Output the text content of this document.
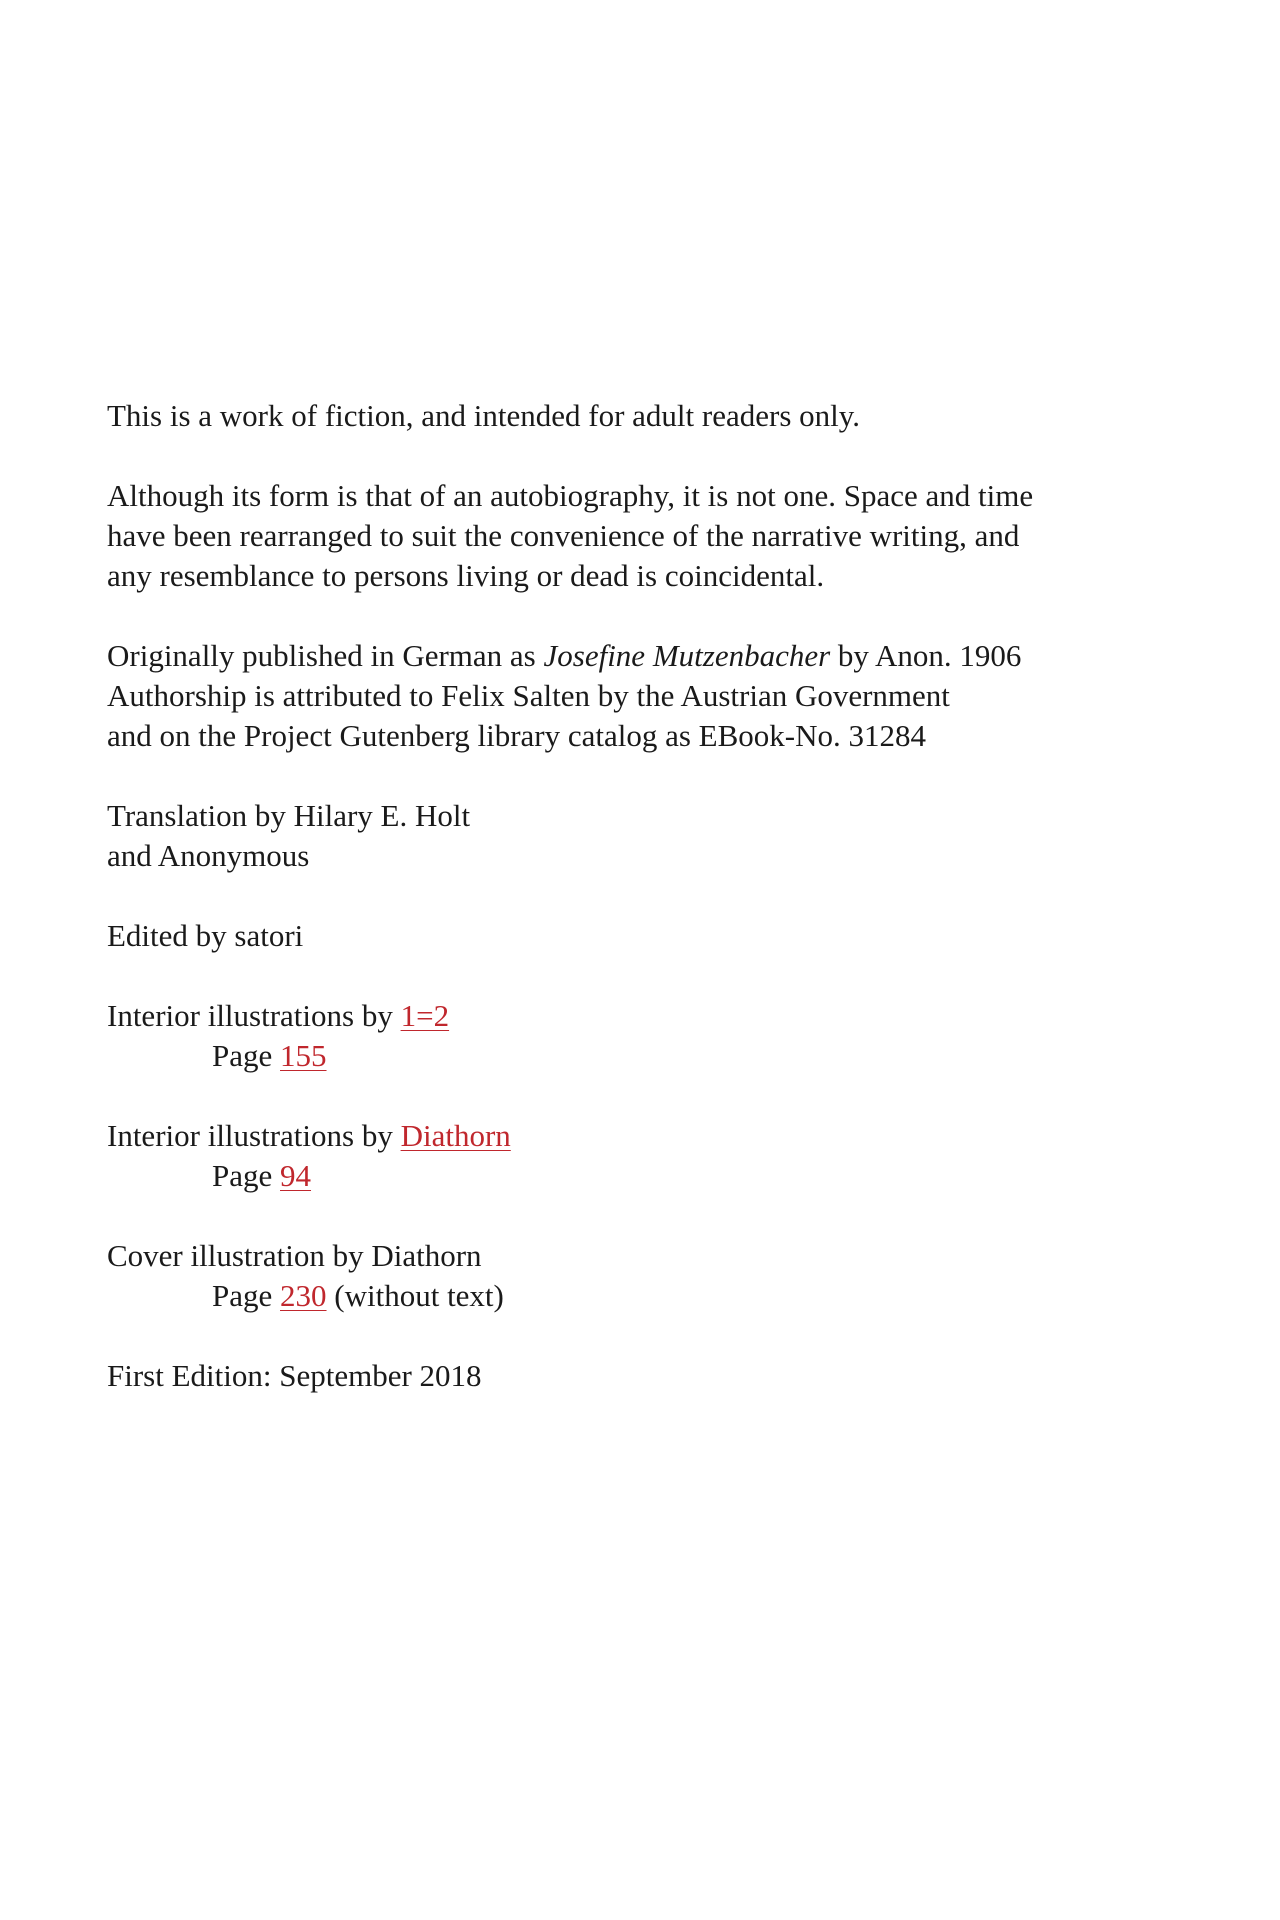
This is a work of fiction, and intended for adult readers only.

Although its form is that of an autobiography, it is not one. Space and time
have been rearranged to suit the convenience of the narrative writing, and
any resemblance to persons living or dead is coincidental.

Originally published in German as Josefine Mutzenbacher by Anon. 1906
Authorship is attributed to Felix Salten by the Austrian Government
and on the Project Gutenberg library catalog as EBook-No. 31284

Translation by Hilary E. Holt
and Anonymous

Edited by satori

Interior illustrations by 1=2
Page 155

Interior illustrations by Diathorn
Page 94

Cover illustration by Diathorn
Page 230 (without text)

First Edition: September 2018
